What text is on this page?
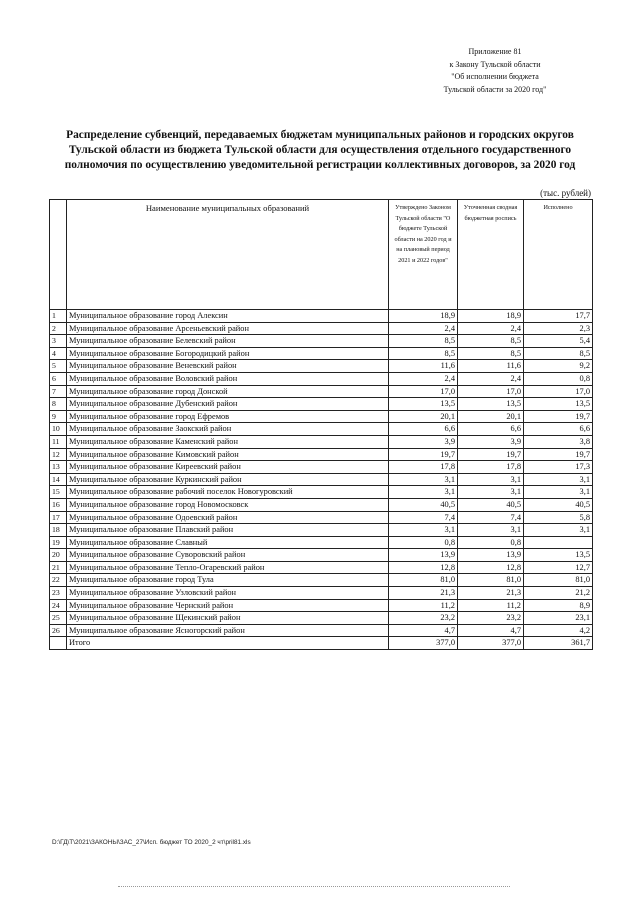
Приложение 81
к Закону Тульской области
"Об исполнении бюджета
Тульской области за 2020 год"
Распределение субвенций, передаваемых бюджетам муниципальных районов и городских округов Тульской области из бюджета Тульской области для осуществления отдельного государственного полномочия по осуществлению уведомительной регистрации коллективных договоров, за 2020 год
(тыс. рублей)
	Наименование муниципальных образований	Утверждено Законом Тульской области "О бюджете Тульской области на 2020 год и на плановый период 2021 и 2022 годов"	Уточненная сводная бюджетная роспись	Исполнено
1	Муниципальное образование город Алексин	18,9	18,9	17,7
2	Муниципальное образование Арсеньевский район	2,4	2,4	2,3
3	Муниципальное образование Белевский район	8,5	8,5	5,4
4	Муниципальное образование Богородицкий район	8,5	8,5	8,5
5	Муниципальное образование Веневский район	11,6	11,6	9,2
6	Муниципальное образование Воловский район	2,4	2,4	0,8
7	Муниципальное образование город Донской	17,0	17,0	17,0
8	Муниципальное образование Дубенский район	13,5	13,5	13,5
9	Муниципальное образование город Ефремов	20,1	20,1	19,7
10	Муниципальное образование Заокский район	6,6	6,6	6,6
11	Муниципальное образование Каменский район	3,9	3,9	3,8
12	Муниципальное образование Кимовский район	19,7	19,7	19,7
13	Муниципальное образование Киреевский район	17,8	17,8	17,3
14	Муниципальное образование Куркинский район	3,1	3,1	3,1
15	Муниципальное образование рабочий поселок Новогуровский	3,1	3,1	3,1
16	Муниципальное образование город Новомосковск	40,5	40,5	40,5
17	Муниципальное образование Одоевский район	7,4	7,4	5,8
18	Муниципальное образование Плавский район	3,1	3,1	3,1
19	Муниципальное образование Славный	0,8	0,8	
20	Муниципальное образование Суворовский район	13,9	13,9	13,5
21	Муниципальное образование Тепло-Огаревский район	12,8	12,8	12,7
22	Муниципальное образование город Тула	81,0	81,0	81,0
23	Муниципальное образование Узловский район	21,3	21,3	21,2
24	Муниципальное образование Чернский район	11,2	11,2	8,9
25	Муниципальное образование Щекинский район	23,2	23,2	23,1
26	Муниципальное образование Ясногорский район	4,7	4,7	4,2
	Итого	377,0	377,0	361,7
D:\ГД\Т\2021\ЗАКОНЫ\ЗАС_27\Исп. бюджет ТО 2020_2 чт\pril81.xls
